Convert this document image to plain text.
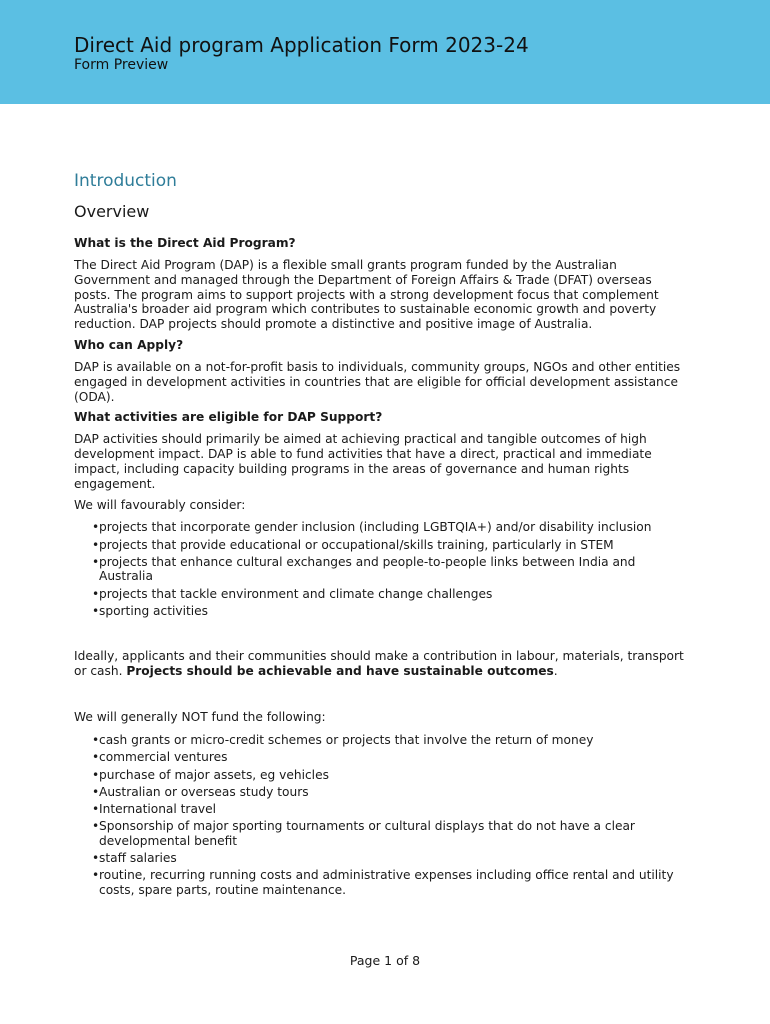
Direct Aid program Application Form 2023-24
Form Preview
Introduction
Overview
What is the Direct Aid Program?
The Direct Aid Program (DAP) is a flexible small grants program funded by the Australian Government and managed through the Department of Foreign Affairs & Trade (DFAT) overseas posts. The program aims to support projects with a strong development focus that complement Australia's broader aid program which contributes to sustainable economic growth and poverty reduction. DAP projects should promote a distinctive and positive image of Australia.
Who can Apply?
DAP is available on a not-for-profit basis to individuals, community groups, NGOs and other entities engaged in development activities in countries that are eligible for official development assistance (ODA).
What activities are eligible for DAP Support?
DAP activities should primarily be aimed at achieving practical and tangible outcomes of high development impact. DAP is able to fund activities that have a direct, practical and immediate impact, including capacity building programs in the areas of governance and human rights engagement.
We will favourably consider:
• projects that incorporate gender inclusion (including LGBTQIA+) and/or disability inclusion
• projects that provide educational or occupational/skills training, particularly in STEM
• projects that enhance cultural exchanges and people-to-people links between India and Australia
• projects that tackle environment and climate change challenges
• sporting activities
Ideally, applicants and their communities should make a contribution in labour, materials, transport or cash. Projects should be achievable and have sustainable outcomes.
We will generally NOT fund the following:
• cash grants or micro-credit schemes or projects that involve the return of money
• commercial ventures
• purchase of major assets, eg vehicles
• Australian or overseas study tours
• International travel
• Sponsorship of major sporting tournaments or cultural displays that do not have a clear developmental benefit
• staff salaries
• routine, recurring running costs and administrative expenses including office rental and utility costs, spare parts, routine maintenance.
Page 1 of 8
